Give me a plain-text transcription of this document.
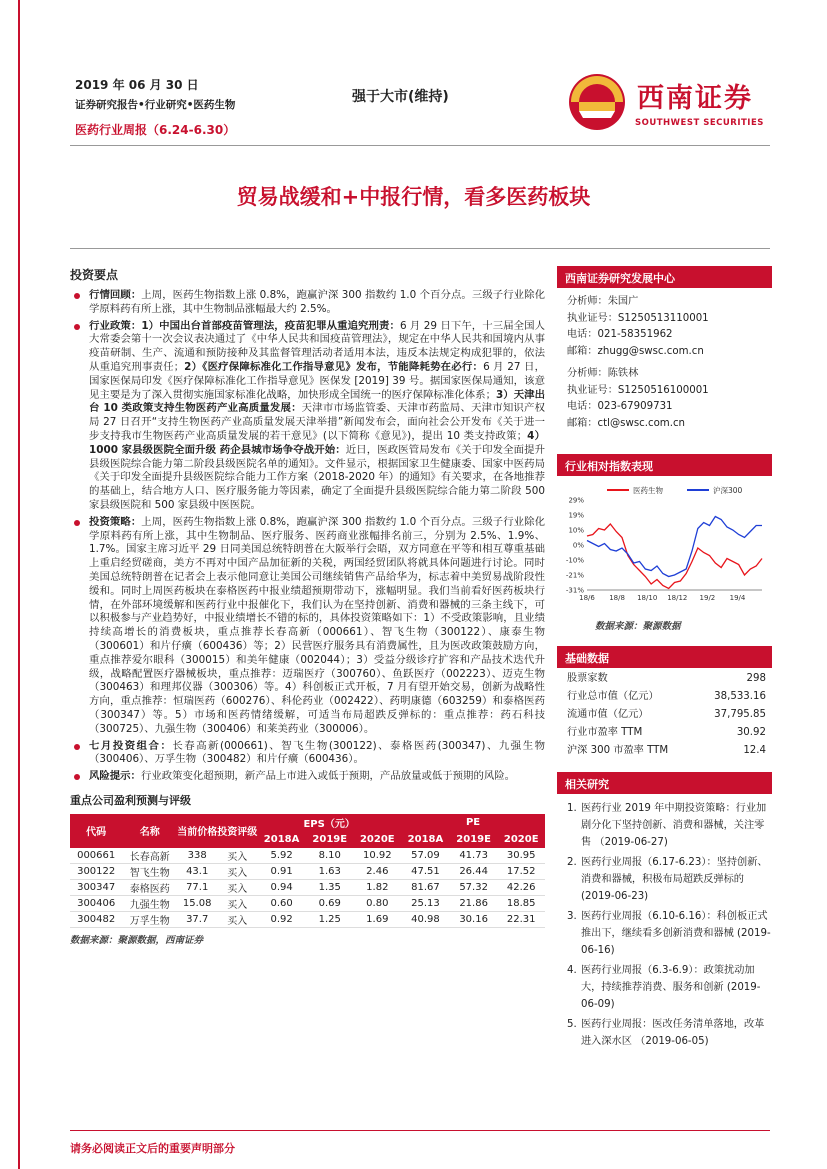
2019 年 06 月 30 日
证券研究报告•行业研究•医药生物
医药行业周报（6.24-6.30）
强于大市(维持)	西南证券
SOUTHWEST SECURITIES
贸易战缓和+中报行情，看多医药板块
投资要点
行情回顾：上周，医药生物指数上涨 0.8%，跑赢沪深 300 指数约 1.0 个百分点。三级子行业除化学原料药有所上涨，其中生物制品涨幅最大约 2.5%。
行业政策：1）中国出台首部疫苗管理法，疫苗犯罪从重追究刑责：6 月 29 日下午，十三届全国人大常委会第十一次会议表决通过了《中华人民共和国疫苗管理法》，规定在中华人民共和国境内从事疫苗研制、生产、流通和预防接种及其监督管理活动者适用本法，违反本法规定构成犯罪的，依法从重追究刑事责任；2）《医疗保障标准化工作指导意见》发布，节能降耗势在必行：6 月 27 日，国家医保局印发《医疗保障标准化工作指导意见》医保发 [2019] 39 号。据国家医保局通知，该意见主要是为了深入贯彻实施国家标准化战略，加快形成全国统一的医疗保障标准化体系；3）天津出台 10 类政策支持生物医药产业高质量发展：天津市市场监管委、天津市药监局、天津市知识产权局 27 日召开“支持生物医药产业高质量发展天津举措”新闻发布会，面向社会公开发布《关于进一步支持我市生物医药产业高质量发展的若干意见》(以下简称《意见》)，提出 10 类支持政策；4）1000 家县级医院全面升级 药企县城市场争夺战开始：近日，医政医管局发布《关于印发全面提升县级医院综合能力第二阶段县级医院名单的通知》。文件显示，根据国家卫生健康委、国家中医药局《关于印发全面提升县级医院综合能力工作方案（2018-2020 年）的通知》有关要求，在各地推荐的基础上，结合地方人口、医疗服务能力等因素，确定了全面提升县级医院综合能力第二阶段 500 家县级医院和 500 家县级中医医院。
投资策略：上周，医药生物指数上涨 0.8%，跑赢沪深 300 指数约 1.0 个百分点。三级子行业除化学原料药有所上涨，其中生物制品、医疗服务、医药商业涨幅排名前三，分别为 2.5%、1.9%、1.7%。国家主席习近平 29 日同美国总统特朗普在大阪举行会晤，双方同意在平等和相互尊重基础上重启经贸磋商，美方不再对中国产品加征新的关税，两国经贸团队将就具体问题进行讨论。同时美国总统特朗普在记者会上表示他同意让美国公司继续销售产品给华为，标志着中美贸易战阶段性缓和。同时上周医药板块在泰格医药中报业绩超预期带动下，涨幅明显。我们当前看好医药板块行情，在外部环境缓解和医药行业中报催化下，我们认为在坚持创新、消费和器械的三条主线下，可以积极参与产业趋势好，中报业绩增长不错的标的，具体投资策略如下：1）不受政策影响，且业绩持续高增长的消费板块，重点推荐长春高新（000661）、智飞生物（300122）、康泰生物（300601）和片仔癀（600436）等；2）民营医疗服务具有消费属性，且为医改政策鼓励方向，重点推荐爱尔眼科（300015）和美年健康（002044）；3）受益分级诊疗扩容和产品技术迭代升级，战略配置医疗器械板块，重点推荐：迈瑞医疗（300760）、鱼跃医疗（002223）、迈克生物（300463）和理邦仪器（300306）等。4）科创板正式开板，7 月有望开始交易，创新为战略性方向，重点推荐：恒瑞医药（600276）、科伦药业（002422）、药明康德（603259）和泰格医药（300347）等。5）市场和医药情绪缓解，可适当布局超跌反弹标的：重点推荐：药石科技（300725）、九强生物（300406）和莱美药业（300006）。
七月投资组合：长春高新(000661)、智飞生物(300122)、泰格医药(300347)、九强生物（300406）、万孚生物（300482）和片仔癀（600436）。
风险提示：行业政策变化超预期，新产品上市进入或低于预期，产品放量或低于预期的风险。
重点公司盈利预测与评级
代码	名称	当前价格	投资评级	EPS（元）			PE		
				2018A	2019E	2020E	2018A	2019E	2020E
000661	长春高新	338	买入	5.92	8.10	10.92	57.09	41.73	30.95
300122	智飞生物	43.1	买入	0.91	1.63	2.46	47.51	26.44	17.52
300347	泰格医药	77.1	买入	0.94	1.35	1.82	81.67	57.32	42.26
300406	九强生物	15.08	买入	0.60	0.69	0.80	25.13	21.86	18.85
300482	万孚生物	37.7	买入	0.92	1.25	1.69	40.98	30.16	22.31
数据来源：聚源数据，西南证券
西南证券研究发展中心
分析师：朱国广
执业证号：S1250513110001
电话：021-58351962
邮箱：zhugg@swsc.com.cn
分析师：陈铁林
执业证号：S1250516100001
电话：023-67909731
邮箱：ctl@swsc.com.cn
行业相对指数表现
医药生物	沪深300
29%
19%
10%
0%
-10%
-21%
-31%
18/6 18/8 18/10 18/12 19/2 19/4
数据来源：聚源数据
基础数据
股票家数	298
行业总市值（亿元）	38,533.16
流通市值（亿元）	37,795.85
行业市盈率 TTM	30.92
沪深 300 市盈率 TTM	12.4
相关研究
1. 医药行业 2019 年中期投资策略：行业加剧分化下坚持创新、消费和器械，关注零售 （2019-06-27)
2. 医药行业周报（6.17-6.23）：坚持创新、消费和器械，积极布局超跌反弹标的 (2019-06-23)
3. 医药行业周报（6.10-6.16）：科创板正式推出下，继续看多创新消费和器械 (2019-06-16)
4. 医药行业周报（6.3-6.9）：政策扰动加大，持续推荐消费、服务和创新 (2019-06-09)
5. 医药行业周报：医改任务清单落地，改革进入深水区 （2019-06-05)
请务必阅读正文后的重要声明部分
